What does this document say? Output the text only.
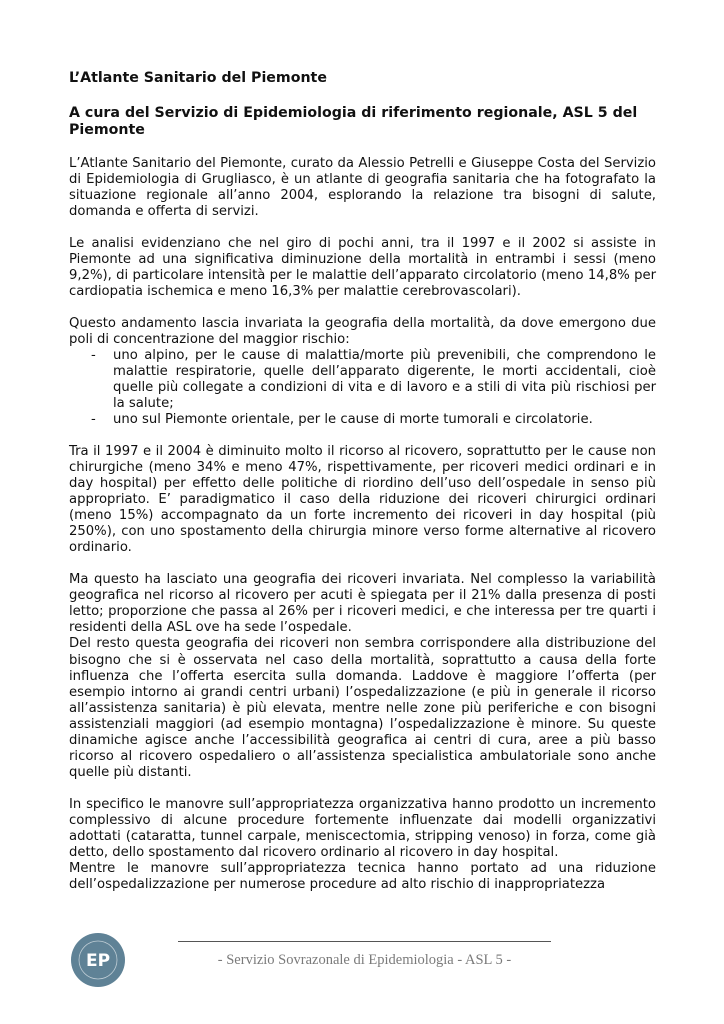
L’Atlante Sanitario del Piemonte
A cura del Servizio di Epidemiologia di riferimento regionale, ASL 5 del Piemonte

L’Atlante Sanitario del Piemonte, curato da Alessio Petrelli e Giuseppe Costa del Servizio di Epidemiologia di Grugliasco, è un atlante di geografia sanitaria che ha fotografato la situazione regionale all’anno 2004, esplorando la relazione tra bisogni di salute, domanda e offerta di servizi.

Le analisi evidenziano che nel giro di pochi anni, tra il 1997 e il 2002 si assiste in Piemonte ad una significativa diminuzione della mortalità in entrambi i sessi (meno 9,2%), di particolare intensità per le malattie dell’apparato circolatorio (meno 14,8% per cardiopatia ischemica e meno 16,3% per malattie cerebrovascolari).

Questo andamento lascia invariata la geografia della mortalità, da dove emergono due poli di concentrazione del maggior rischio:

- uno alpino, per le cause di malattia/morte più prevenibili, che comprendono le malattie respiratorie, quelle dell’apparato digerente, le morti accidentali, cioè quelle più collegate a condizioni di vita e di lavoro e a stili di vita più rischiosi per la salute;
- uno sul Piemonte orientale, per le cause di morte tumorali e circolatorie.

Tra il 1997 e il 2004 è diminuito molto il ricorso al ricovero, soprattutto per le cause non chirurgiche (meno 34% e meno 47%, rispettivamente, per ricoveri medici ordinari e in day hospital) per effetto delle politiche di riordino dell’uso dell’ospedale in senso più appropriato. E’ paradigmatico il caso della riduzione dei ricoveri chirurgici ordinari (meno 15%) accompagnato da un forte incremento dei ricoveri in day hospital (più 250%), con uno spostamento della chirurgia minore verso forme alternative al ricovero ordinario.

Ma questo ha lasciato una geografia dei ricoveri invariata. Nel complesso la variabilità geografica nel ricorso al ricovero per acuti è spiegata per il 21% dalla presenza di posti letto; proporzione che passa al 26% per i ricoveri medici, e che interessa per tre quarti i residenti della ASL ove ha sede l’ospedale.

Del resto questa geografia dei ricoveri non sembra corrispondere alla distribuzione del bisogno che si è osservata nel caso della mortalità, soprattutto a causa della forte influenza che l’offerta esercita sulla domanda. Laddove è maggiore l’offerta (per esempio intorno ai grandi centri urbani) l’ospedalizzazione (e più in generale il ricorso all’assistenza sanitaria) è più elevata, mentre nelle zone più periferiche e con bisogni assistenziali maggiori (ad esempio montagna) l’ospedalizzazione è minore. Su queste dinamiche agisce anche l’accessibilità geografica ai centri di cura, aree a più basso ricorso al ricovero ospedaliero o all’assistenza specialistica ambulatoriale sono anche quelle più distanti.

In specifico le manovre sull’appropriatezza organizzativa hanno prodotto un incremento complessivo di alcune procedure fortemente influenzate dai modelli organizzativi adottati (cataratta, tunnel carpale, meniscectomia, stripping venoso) in forza, come già detto, dello spostamento dal ricovero ordinario al ricovero in day hospital.

Mentre le manovre sull’appropriatezza tecnica hanno portato ad una riduzione dell’ospedalizzazione per numerose procedure ad alto rischio di inappropriatezza

EP	- Servizio Sovrazonale di Epidemiologia - ASL 5 -
